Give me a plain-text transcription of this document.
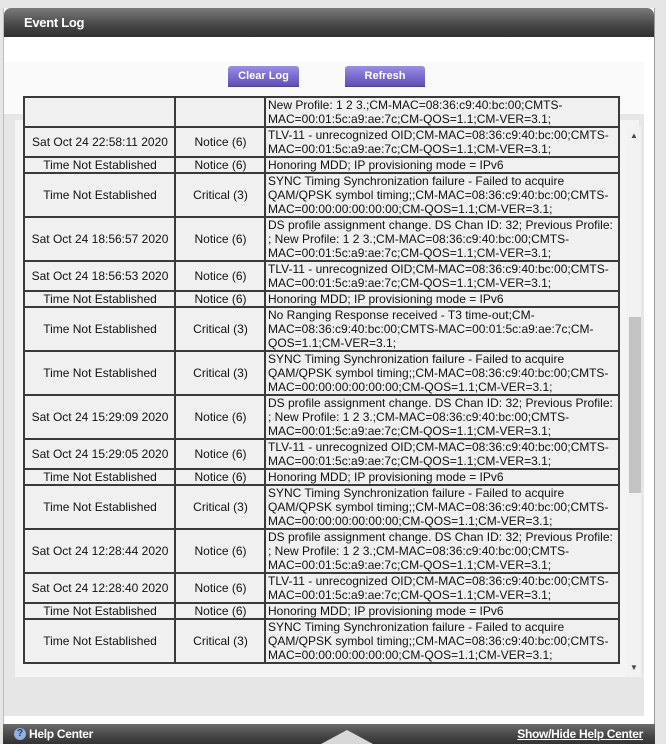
Event Log
Clear Log	Refresh
		New Profile: 1 2 3.;CM-MAC=08:36:c9:40:bc:00;CMTS-MAC=00:01:5c:a9:ae:7c;CM-QOS=1.1;CM-VER=3.1;
Sat Oct 24 22:58:11 2020	Notice (6)	TLV-11 - unrecognized OID;CM-MAC=08:36:c9:40:bc:00;CMTS-MAC=00:01:5c:a9:ae:7c;CM-QOS=1.1;CM-VER=3.1;
Time Not Established	Notice (6)	Honoring MDD; IP provisioning mode = IPv6
Time Not Established	Critical (3)	SYNC Timing Synchronization failure - Failed to acquire QAM/QPSK symbol timing;;CM-MAC=08:36:c9:40:bc:00;CMTS-MAC=00:00:00:00:00:00;CM-QOS=1.1;CM-VER=3.1;
Sat Oct 24 18:56:57 2020	Notice (6)	DS profile assignment change. DS Chan ID: 32; Previous Profile: ; New Profile: 1 2 3.;CM-MAC=08:36:c9:40:bc:00;CMTS-MAC=00:01:5c:a9:ae:7c;CM-QOS=1.1;CM-VER=3.1;
Sat Oct 24 18:56:53 2020	Notice (6)	TLV-11 - unrecognized OID;CM-MAC=08:36:c9:40:bc:00;CMTS-MAC=00:01:5c:a9:ae:7c;CM-QOS=1.1;CM-VER=3.1;
Time Not Established	Notice (6)	Honoring MDD; IP provisioning mode = IPv6
Time Not Established	Critical (3)	No Ranging Response received - T3 time-out;CM-MAC=08:36:c9:40:bc:00;CMTS-MAC=00:01:5c:a9:ae:7c;CM-QOS=1.1;CM-VER=3.1;
Time Not Established	Critical (3)	SYNC Timing Synchronization failure - Failed to acquire QAM/QPSK symbol timing;;CM-MAC=08:36:c9:40:bc:00;CMTS-MAC=00:00:00:00:00:00;CM-QOS=1.1;CM-VER=3.1;
Sat Oct 24 15:29:09 2020	Notice (6)	DS profile assignment change. DS Chan ID: 32; Previous Profile: ; New Profile: 1 2 3.;CM-MAC=08:36:c9:40:bc:00;CMTS-MAC=00:01:5c:a9:ae:7c;CM-QOS=1.1;CM-VER=3.1;
Sat Oct 24 15:29:05 2020	Notice (6)	TLV-11 - unrecognized OID;CM-MAC=08:36:c9:40:bc:00;CMTS-MAC=00:01:5c:a9:ae:7c;CM-QOS=1.1;CM-VER=3.1;
Time Not Established	Notice (6)	Honoring MDD; IP provisioning mode = IPv6
Time Not Established	Critical (3)	SYNC Timing Synchronization failure - Failed to acquire QAM/QPSK symbol timing;;CM-MAC=08:36:c9:40:bc:00;CMTS-MAC=00:00:00:00:00:00;CM-QOS=1.1;CM-VER=3.1;
Sat Oct 24 12:28:44 2020	Notice (6)	DS profile assignment change. DS Chan ID: 32; Previous Profile: ; New Profile: 1 2 3.;CM-MAC=08:36:c9:40:bc:00;CMTS-MAC=00:01:5c:a9:ae:7c;CM-QOS=1.1;CM-VER=3.1;
Sat Oct 24 12:28:40 2020	Notice (6)	TLV-11 - unrecognized OID;CM-MAC=08:36:c9:40:bc:00;CMTS-MAC=00:01:5c:a9:ae:7c;CM-QOS=1.1;CM-VER=3.1;
Time Not Established	Notice (6)	Honoring MDD; IP provisioning mode = IPv6
Time Not Established	Critical (3)	SYNC Timing Synchronization failure - Failed to acquire QAM/QPSK symbol timing;;CM-MAC=08:36:c9:40:bc:00;CMTS-MAC=00:00:00:00:00:00;CM-QOS=1.1;CM-VER=3.1;
▲
▼
? Help Center	Show/Hide Help Center
